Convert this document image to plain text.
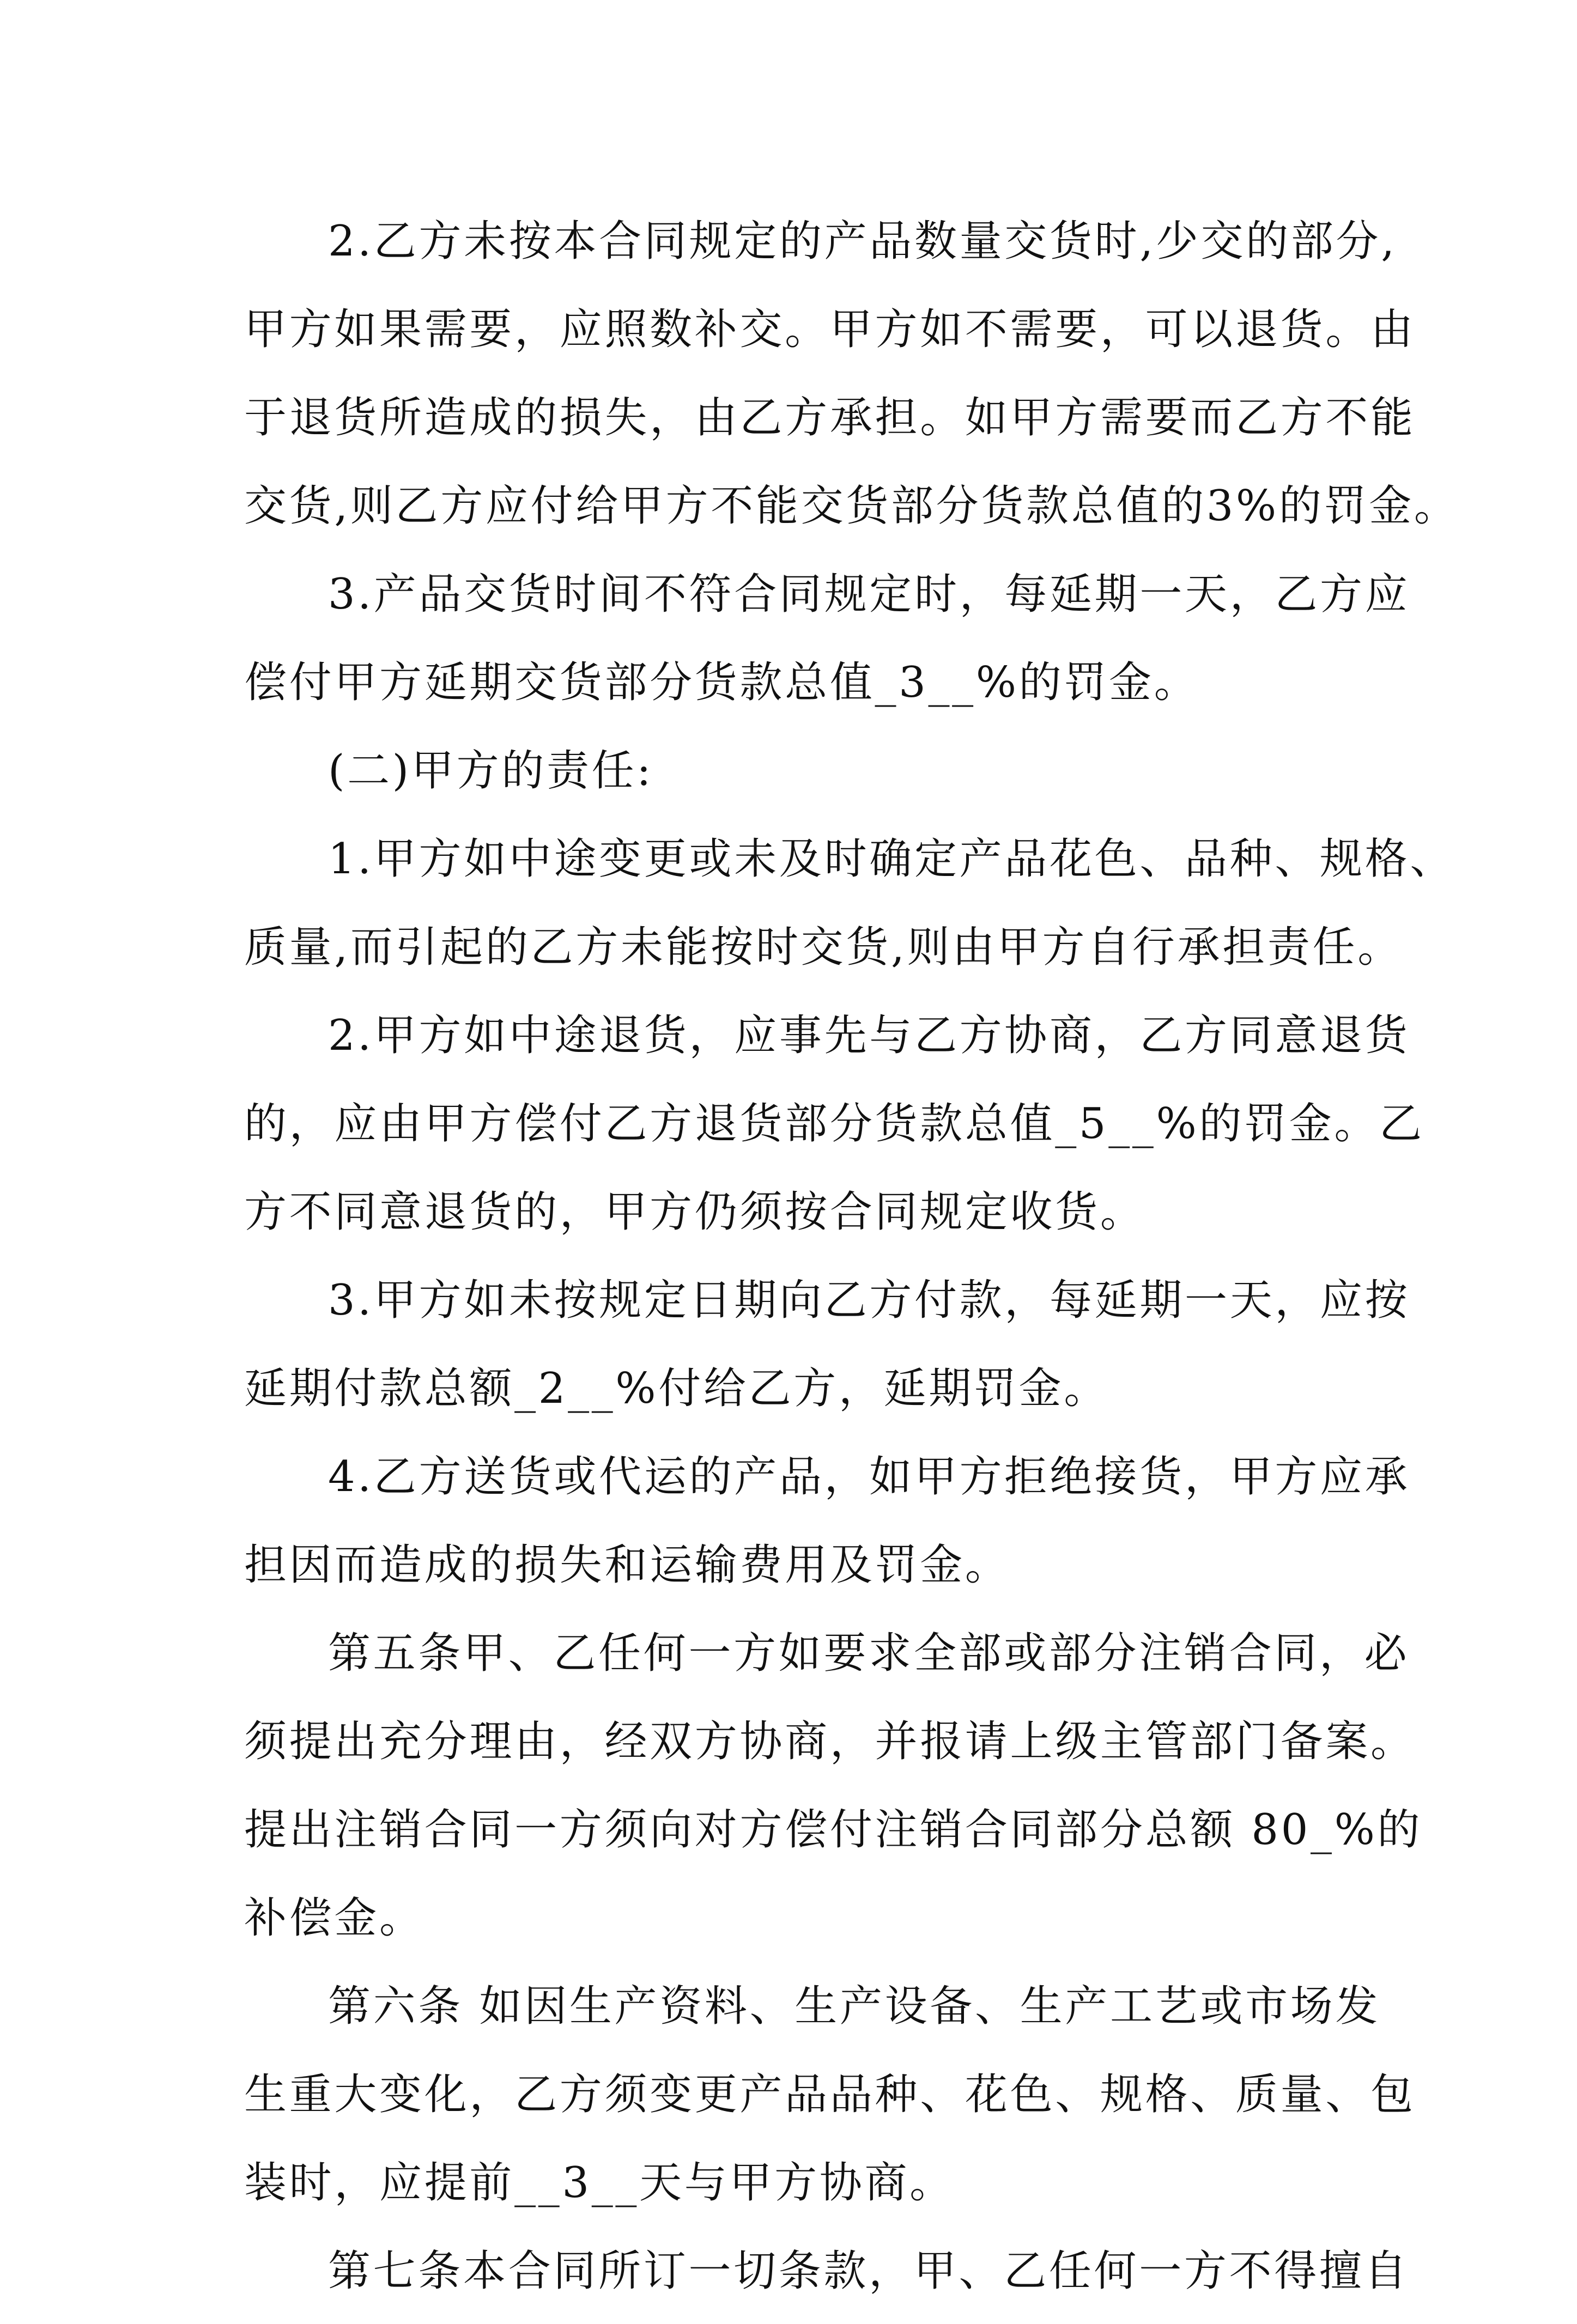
2.乙方未按本合同规定的产品数量交货时,少交的部分,
甲方如果需要，应照数补交。甲方如不需要，可以退货。由
于退货所造成的损失，由乙方承担。如甲方需要而乙方不能
交货,则乙方应付给甲方不能交货部分货款总值的3%的罚金。
3.产品交货时间不符合同规定时，每延期一天，乙方应
偿付甲方延期交货部分货款总值_3__%的罚金。
(二)甲方的责任:
1.甲方如中途变更或未及时确定产品花色、品种、规格、
质量,而引起的乙方未能按时交货,则由甲方自行承担责任。
2.甲方如中途退货，应事先与乙方协商，乙方同意退货
的，应由甲方偿付乙方退货部分货款总值_5__%的罚金。乙
方不同意退货的，甲方仍须按合同规定收货。
3.甲方如未按规定日期向乙方付款，每延期一天，应按
延期付款总额_2__%付给乙方，延期罚金。
4.乙方送货或代运的产品，如甲方拒绝接货，甲方应承
担因而造成的损失和运输费用及罚金。
第五条甲、乙任何一方如要求全部或部分注销合同，必
须提出充分理由，经双方协商，并报请上级主管部门备案。
提出注销合同一方须向对方偿付注销合同部分总额 80_%的
补偿金。
第六条 如因生产资料、生产设备、生产工艺或市场发
生重大变化，乙方须变更产品品种、花色、规格、质量、包
装时，应提前__3__天与甲方协商。
第七条本合同所订一切条款，甲、乙任何一方不得擅自
